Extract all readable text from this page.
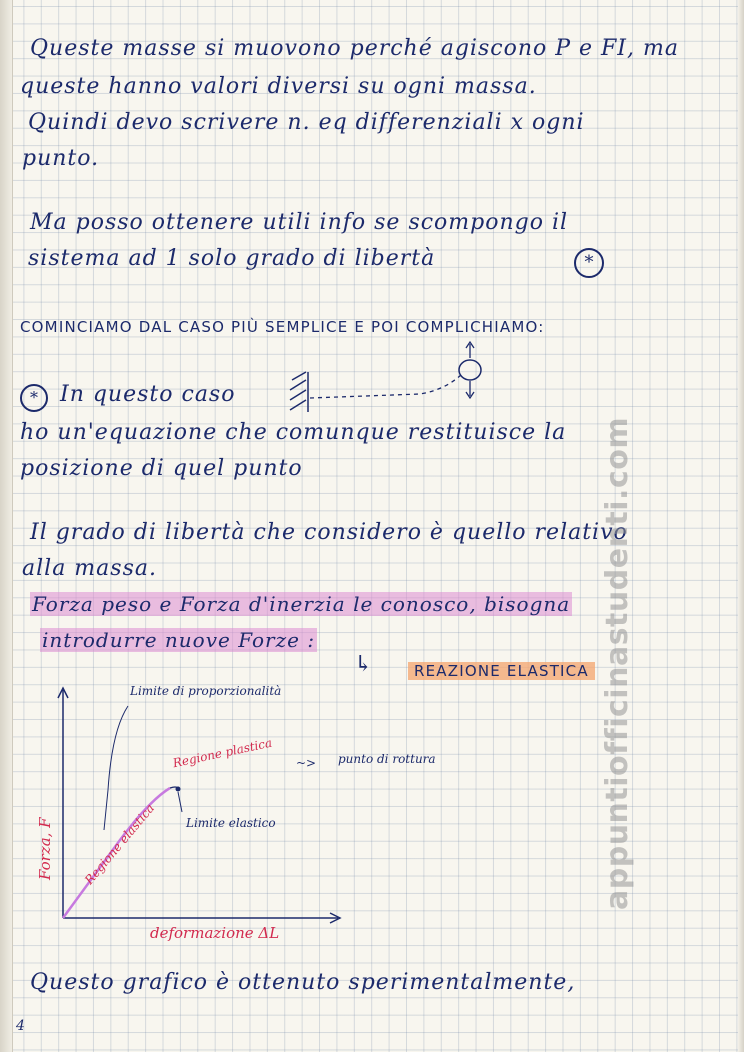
Queste masse si muovono perché agiscono P e FI, ma
queste hanno valori diversi su ogni massa.
Quindi devo scrivere n. eq differenziali x ogni
punto.
Ma posso ottenere utili info se scompongo il
sistema ad 1 solo grado di libertà
COMINCIAMO DAL CASO PIÙ SEMPLICE E POI COMPLICHIAMO:
In questo caso
ho un'equazione che comunque restituisce la
posizione di quel punto
Il grado di libertà che considero è quello relativo
alla massa.
Forza peso e Forza d'inerzia le conosco, bisogna
introdurre nuove Forze :
↳	REAZIONE ELASTICA
Questo grafico è ottenuto sperimentalmente,
4
*
*
Limite di proporzionalità
Regione plastica ~> punto di rottura
Limite elastico
Regione elastica
Forza, F
deformazione ΔL
appuntiofficinastudenti.com
